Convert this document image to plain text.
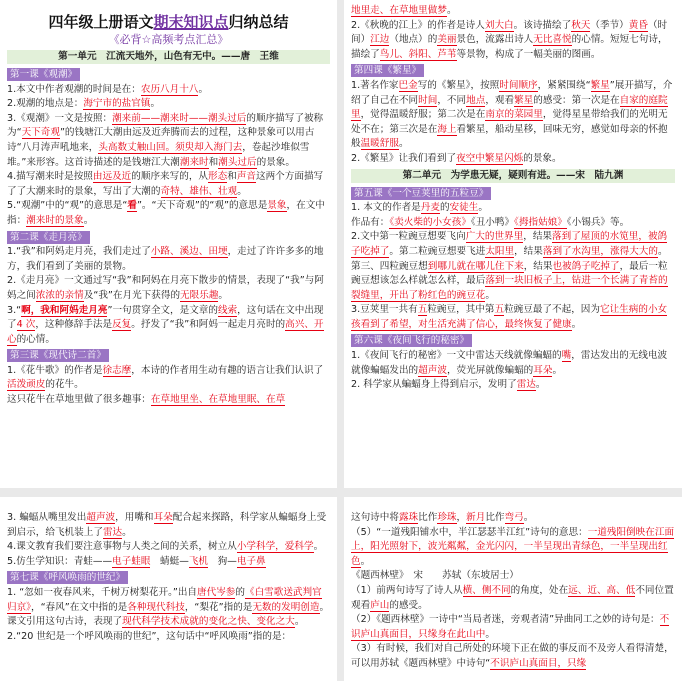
四年级上册语文期末知识点归纳总结
《必背☆高频考点汇总》
第一单元　江流天地外，山色有无中。——唐　王维
第一课《观潮》

1.本文中作者观潮的时间是在：农历八月十八。

2.观潮的地点是：海宁市的盐官镇。

3.《观潮》一文是按照：潮来前——潮来时——潮头过后的顺序描写了被称为“天下奇观”的钱塘江大潮由远及近奔腾而去的过程，这种景象可以用古诗“八月涛声吼地来，头高数丈触山回。须臾却入海门去，卷起沙堆似雪堆。”来形容。这首诗描述的是钱塘江大潮潮来时和潮头过后的景象。

4.描写潮来时是按照由远及近的顺序来写的，从形态和声音这两个方面描写了了大潮来时的景象，写出了大潮的奇特、雄伟、壮观。

5.“观潮”中的“观”的意思是“看”。“天下奇观”的“观”的意思是景象，在文中指：潮来时的景象。

第二课《走月亮》

1.“我”和阿妈走月亮，我们走过了小路、溪边、田埂，走过了许许多多的地方，我们看到了美丽的景物。

2.《走月亮》一文通过写“我”和阿妈在月亮下散步的情景，表现了“我”与阿妈之间浓浓的亲情及“我”在月光下获得的无限乐趣。

3.“啊，我和阿妈走月亮”一句贯穿全文，是文章的线索，这句话在文中出现了4 次，这种修辞手法是反复。抒发了“我”和阿妈一起走月亮时的高兴、开心的心情。

第三课《现代诗二首》

1.《花牛歌》的作者是徐志摩，本诗的作者用生动有趣的语言让我们认识了活泼顽皮的花牛。

这只花牛在草地里做了很多趣事：在草地里坐、在草地里眠、在草

地里走、在草地里做梦。

2.《秋晚的江上》的作者是诗人刘大白。该诗描绘了秋天（季节）黄昏（时间）江边（地点）的美丽景色，流露出诗人无比喜悦的心情。短短七句诗，描绘了鸟儿、斜阳、芦苇等景物，构成了一幅美丽的图画。

第四课《繁星》

1.著名作家巴金写的《繁星》，按照时间顺序，紧紧围绕“繁星”展开描写，介绍了自己在不同时间，不同地点，观看繁星的感受：第一次是在自家的庭院里，觉得温暖舒服；第二次是在南京的菜园里，觉得星星带给我们的光明无处不在；第三次是在海上看繁星，船动星移，回味无穷，感觉如母亲的怀抱般温暖舒服。

2.《繁星》让我们看到了夜空中繁星闪烁的景象。

第二单元　为学患无疑，疑则有进。——宋　陆九渊
第五课《一个豆荚里的五粒豆》

1. 本文的作者是丹麦的安徒生。

作品有：《卖火柴的小女孩》《丑小鸭》《拇指姑娘》《小锡兵》等。

2.文中第一粒豌豆想要飞向广大的世界里，结果落到了屋顶的水笕里，被鸽子吃掉了。第二粒豌豆想要飞进太阳里，结果落到了水沟里，涨得大大的。第三、四粒豌豆想到哪儿就在哪儿住下来，结果也被鸽子吃掉了，最后一粒豌豆想该怎么样就怎么样，最后落到一块旧板子上，钻进一个长满了青苔的裂缝里，开出了粉红色的豌豆花。

3.豆荚里一共有五粒豌豆，其中第五粒豌豆最了不起，因为它让生病的小女孩看到了希望，对生活充满了信心，最终恢复了健康。

第六课《夜间飞行的秘密》

1.《夜间飞行的秘密》一文中雷达天线就像蝙蝠的嘴，雷达发出的无线电波就像蝙蝠发出的超声波，荧光屏就像蝙蝠的耳朵。

2. 科学家从蝙蝠身上得到启示，发明了雷达。

3. 蝙蝠从嘴里发出超声波，用嘴和耳朵配合起来探路，科学家从蝙蝠身上受到启示，给飞机装上了雷达。

4.课文教育我们要注意事物与人类之间的关系，树立从小学科学，爱科学。

5.仿生学知识：青蛙——电子蛙眼　蜻蜓—飞机　狗—电子鼻

第七课《呼风唤雨的世纪》

1. “忽如一夜春风来，千树万树梨花开。”出自唐代岑参的《白雪歌送武判官归京》，“春风”在文中指的是各种现代科技，“梨花”指的是无数的发明创造。课文引用这句古诗，表现了现代科学技术成就的变化之快、变化之大。

2.“20 世纪是一个呼风唤雨的世纪”，这句话中“呼风唤雨”指的是：

这句诗中将露珠比作珍珠，新月比作弯弓。

（5）“一道残阳铺水中，半江瑟瑟半江红”诗句的意思：一道残阳倒映在江面上，阳光照射下，波光粼粼，金光闪闪，一半呈现出青绿色，一半呈现出红色。

《题西林壁》　宋　　苏轼（东坡居士）

（1）前两句诗写了诗人从横、侧不同的角度，处在远、近、高、低不同位置观看庐山的感受。

（2）《题西林壁》一诗中“当局者迷，旁观者清”异曲同工之妙的诗句是：不识庐山真面目，只缘身在此山中。

（3）有时候，我们对自己所处的环境下正在做的事反而不及旁人看得清楚，可以用苏轼《题西林壁》中诗句“不识庐山真面目，只缘
